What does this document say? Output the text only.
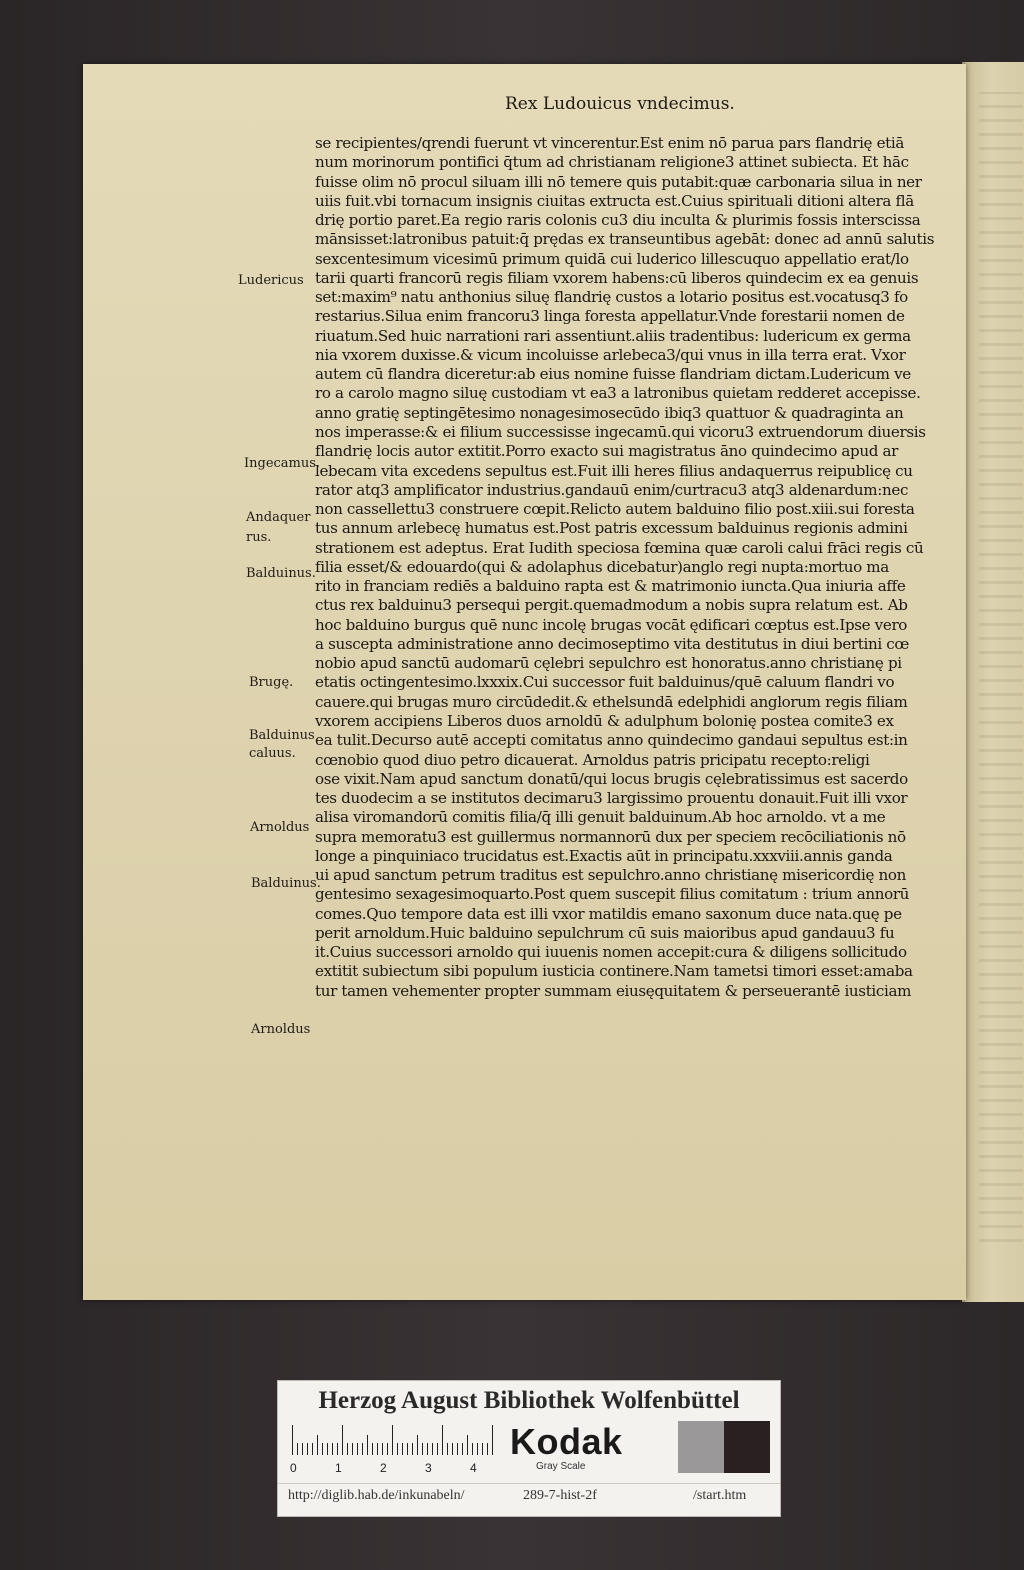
Rex Ludouicus vndecimus.
se recipientes/qrendi fuerunt vt vincerentur.Est enim nō parua pars flandrię etiā
num morinorum pontifici q̄tum ad christianam religione3 attinet subiecta. Et hāc
fuisse olim nō procul siluam illi nō temere quis putabit:quæ carbonaria silua in ner
uiis fuit.vbi tornacum insignis ciuitas extructa est.Cuius spirituali ditioni altera flā
drię portio paret.Ea regio raris colonis cu3 diu inculta & plurimis fossis interscissa
mānsisset:latronibus patuit:q̄ prędas ex transeuntibus agebāt: donec ad annū salutis
sexcentesimum vicesimū primum quidā cui luderico lillescuquo appellatio erat/lo
tarii quarti francorū regis filiam vxorem habens:cū liberos quindecim ex ea genuis
set:maxim⁹ natu anthonius siluę flandrię custos a lotario positus est.vocatusq3 fo
restarius.Silua enim francoru3 linga foresta appellatur.Vnde forestarii nomen de
riuatum.Sed huic narrationi rari assentiunt.aliis tradentibus: ludericum ex germa
nia vxorem duxisse.& vicum incoluisse arlebeca3/qui vnus in illa terra erat. Vxor
autem cū flandra diceretur:ab eius nomine fuisse flandriam dictam.Ludericum ve
ro a carolo magno siluę custodiam vt ea3 a latronibus quietam redderet accepisse.
anno gratię septingētesimo nonagesimosecūdo ibiq3 quattuor & quadraginta an
nos imperasse:& ei filium successisse ingecamū.qui vicoru3 extruendorum diuersis
flandrię locis autor extitit.Porro exacto sui magistratus āno quindecimo apud ar
lebecam vita excedens sepultus est.Fuit illi heres filius andaquerrus reipublicę cu
rator atq3 amplificator industrius.gandauū enim/curtracu3 atq3 aldenardum:nec
non cassellettu3 construere cœpit.Relicto autem balduino filio post.xiii.sui foresta
tus annum arlebecę humatus est.Post patris excessum balduinus regionis admini
strationem est adeptus. Erat Iudith speciosa fœmina quæ caroli calui frāci regis cū
filia esset/& edouardo(qui & adolaphus dicebatur)anglo regi nupta:mortuo ma
rito in franciam rediēs a balduino rapta est & matrimonio iuncta.Qua iniuria affe
ctus rex balduinu3 persequi pergit.quemadmodum a nobis supra relatum est. Ab
hoc balduino burgus quē nunc incolę brugas vocāt ędificari cœptus est.Ipse vero
a suscepta administratione anno decimoseptimo vita destitutus in diui bertini cœ
nobio apud sanctū audomarū cęlebri sepulchro est honoratus.anno christianę pi
etatis octingentesimo.lxxxix.Cui successor fuit balduinus/quē caluum flandri vo
cauere.qui brugas muro circūdedit.& ethelsundā edelphidi anglorum regis filiam
vxorem accipiens Liberos duos arnoldū & adulphum bolonię postea comite3 ex
ea tulit.Decurso autē accepti comitatus anno quindecimo gandaui sepultus est:in
cœnobio quod diuo petro dicauerat. Arnoldus patris pricipatu recepto:religi
ose vixit.Nam apud sanctum donatū/qui locus brugis cęlebratissimus est sacerdo
tes duodecim a se institutos decimaru3 largissimo prouentu donauit.Fuit illi vxor
alisa viromandorū comitis filia/q̄ illi genuit balduinum.Ab hoc arnoldo. vt a me
supra memoratu3 est guillermus normannorū dux per speciem recōciliationis nō
longe a pinquiniaco trucidatus est.Exactis aūt in principatu.xxxviii.annis ganda
ui apud sanctum petrum traditus est sepulchro.anno christianę misericordię non
gentesimo sexagesimoquarto.Post quem suscepit filius comitatum : trium annorū
comes.Quo tempore data est illi vxor matildis emano saxonum duce nata.quę pe
perit arnoldum.Huic balduino sepulchrum cū suis maioribus apud gandauu3 fu
it.Cuius successori arnoldo qui iuuenis nomen accepit:cura & diligens sollicitudo
extitit subiectum sibi populum iusticia continere.Nam tametsi timori esset:amaba
tur tamen vehementer propter summam eiusęquitatem & perseuerantē iusticiam
Ludericus
Ingecamus.
Andaquer
rus.
Balduinus.
Brugę.
Balduinus
caluus.
Arnoldus
Balduinus.
Arnoldus
Herzog August Bibliothek Wolfenbüttel
0	1	2	3	4
Kodak
Gray Scale
http://diglib.hab.de/inkunabeln/	289-7-hist-2f	/start.htm
